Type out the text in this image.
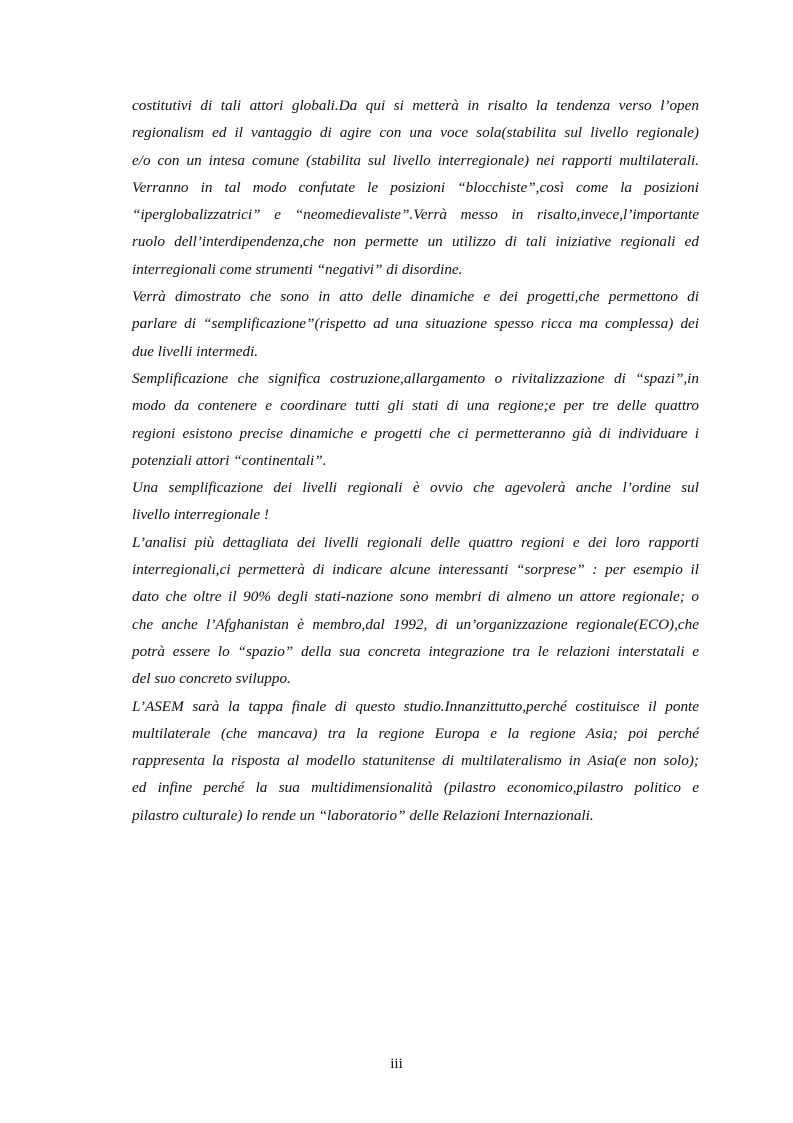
costitutivi di tali attori globali.Da qui si metterà in risalto la tendenza verso l’open
regionalism ed il vantaggio di agire con una voce sola(stabilita sul livello regionale)
e/o con un intesa comune (stabilita sul livello interregionale) nei rapporti multilaterali.
Verranno in tal modo confutate le posizioni “blocchiste”,così come la posizioni
“iperglobalizzatrici” e “neomedievaliste”.Verrà messo in risalto,invece,l’importante
ruolo dell’interdipendenza,che non permette un utilizzo di tali iniziative regionali ed
interregionali come strumenti “negativi” di disordine.
Verrà dimostrato che sono in atto delle dinamiche e dei progetti,che permettono di
parlare di “semplificazione”(rispetto ad una situazione spesso ricca ma complessa) dei
due livelli intermedi.
Semplificazione che significa costruzione,allargamento o rivitalizzazione di “spazi”,in
modo da contenere e coordinare tutti gli stati di una regione;e per tre delle quattro
regioni esistono precise dinamiche e progetti che ci permetteranno già di individuare i
potenziali attori “continentali”.
Una semplificazione dei livelli regionali è ovvio che agevolerà anche l’ordine sul
livello interregionale !
L’analisi più dettagliata dei livelli regionali delle quattro regioni e dei loro rapporti
interregionali,ci permetterà di indicare alcune interessanti “sorprese” : per esempio il
dato che oltre il 90% degli stati-nazione sono membri di almeno un attore regionale; o
che anche l’Afghanistan è membro,dal 1992, di un’organizzazione regionale(ECO),che
potrà essere lo “spazio” della sua concreta integrazione tra le relazioni interstatali e
del suo concreto sviluppo.
L’ASEM sarà la tappa finale di questo studio.Innanzittutto,perché costituisce il ponte
multilaterale (che mancava) tra la regione Europa e la regione Asia; poi perché
rappresenta la risposta al modello statunitense di multilateralismo in Asia(e non solo);
ed infine perché la sua multidimensionalità (pilastro economico,pilastro politico e
pilastro culturale) lo rende un “laboratorio” delle Relazioni Internazionali.
iii
